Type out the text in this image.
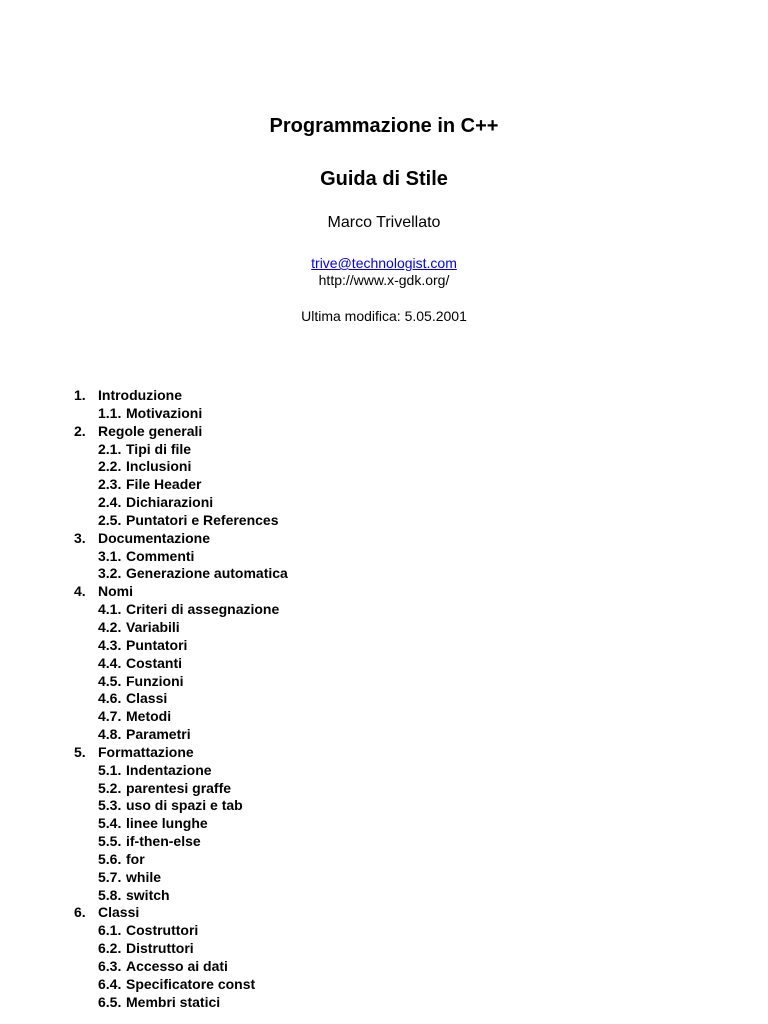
Programmazione in C++
Guida di Stile

Marco Trivellato

trive@technologist.com

http://www.x-gdk.org/

Ultima modifica: 5.05.2001

1. Introduzione
1.1. Motivazioni
2. Regole generali
2.1. Tipi di file
2.2. Inclusioni
2.3. File Header
2.4. Dichiarazioni
2.5. Puntatori e References
3. Documentazione
3.1. Commenti
3.2. Generazione automatica
4. Nomi
4.1. Criteri di assegnazione
4.2. Variabili
4.3. Puntatori
4.4. Costanti
4.5. Funzioni
4.6. Classi
4.7. Metodi
4.8. Parametri
5. Formattazione
5.1. Indentazione
5.2. parentesi graffe
5.3. uso di spazi e tab
5.4. linee lunghe
5.5. if-then-else
5.6. for
5.7. while
5.8. switch
6. Classi
6.1. Costruttori
6.2. Distruttori
6.3. Accesso ai dati
6.4. Specificatore const
6.5. Membri statici
